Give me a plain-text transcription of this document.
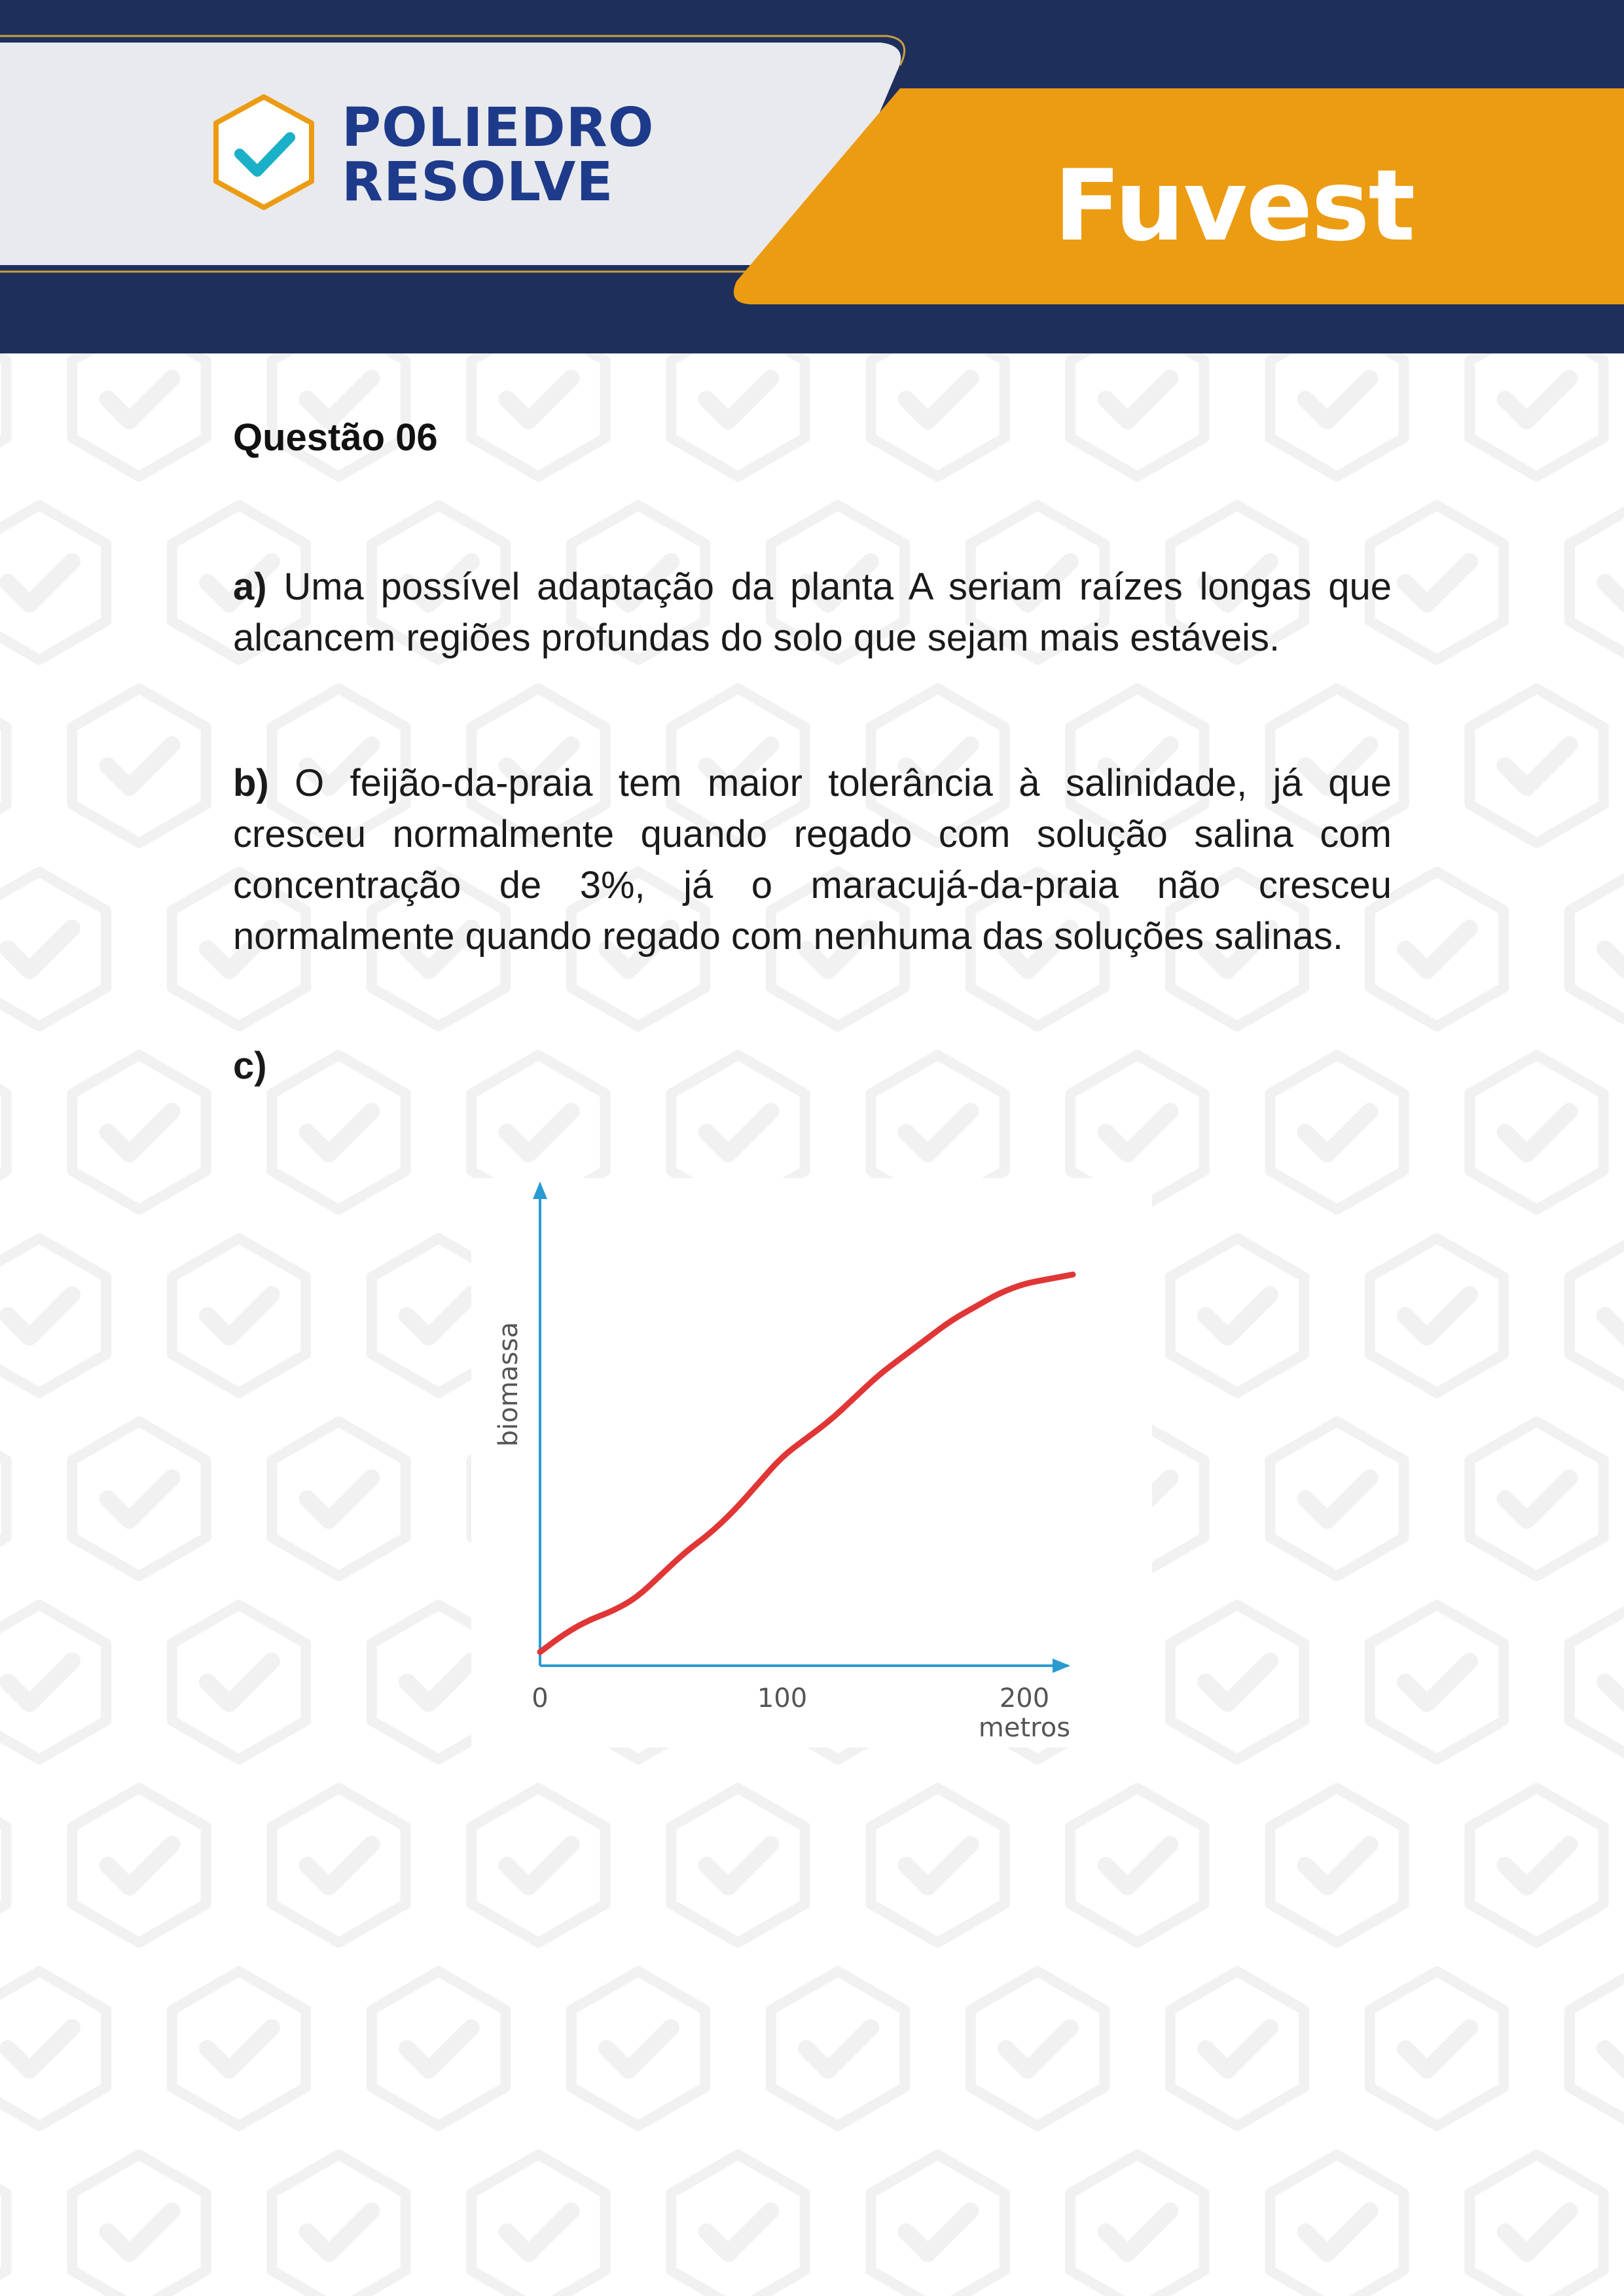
POLIEDRO
RESOLVE	Fuvest

Questão 06

a) Uma possível adaptação da planta A seriam raízes longas que alcancem regiões profundas do solo que sejam mais estáveis.

b) O feijão-da-praia tem maior tolerância à salinidade, já que cresceu normalmente quando regado com solução salina com concentração de 3%, já o maracujá-da-praia não cresceu normalmente quando regado com nenhuma das soluções salinas.

c)

biomassa
0	100	200
metros
